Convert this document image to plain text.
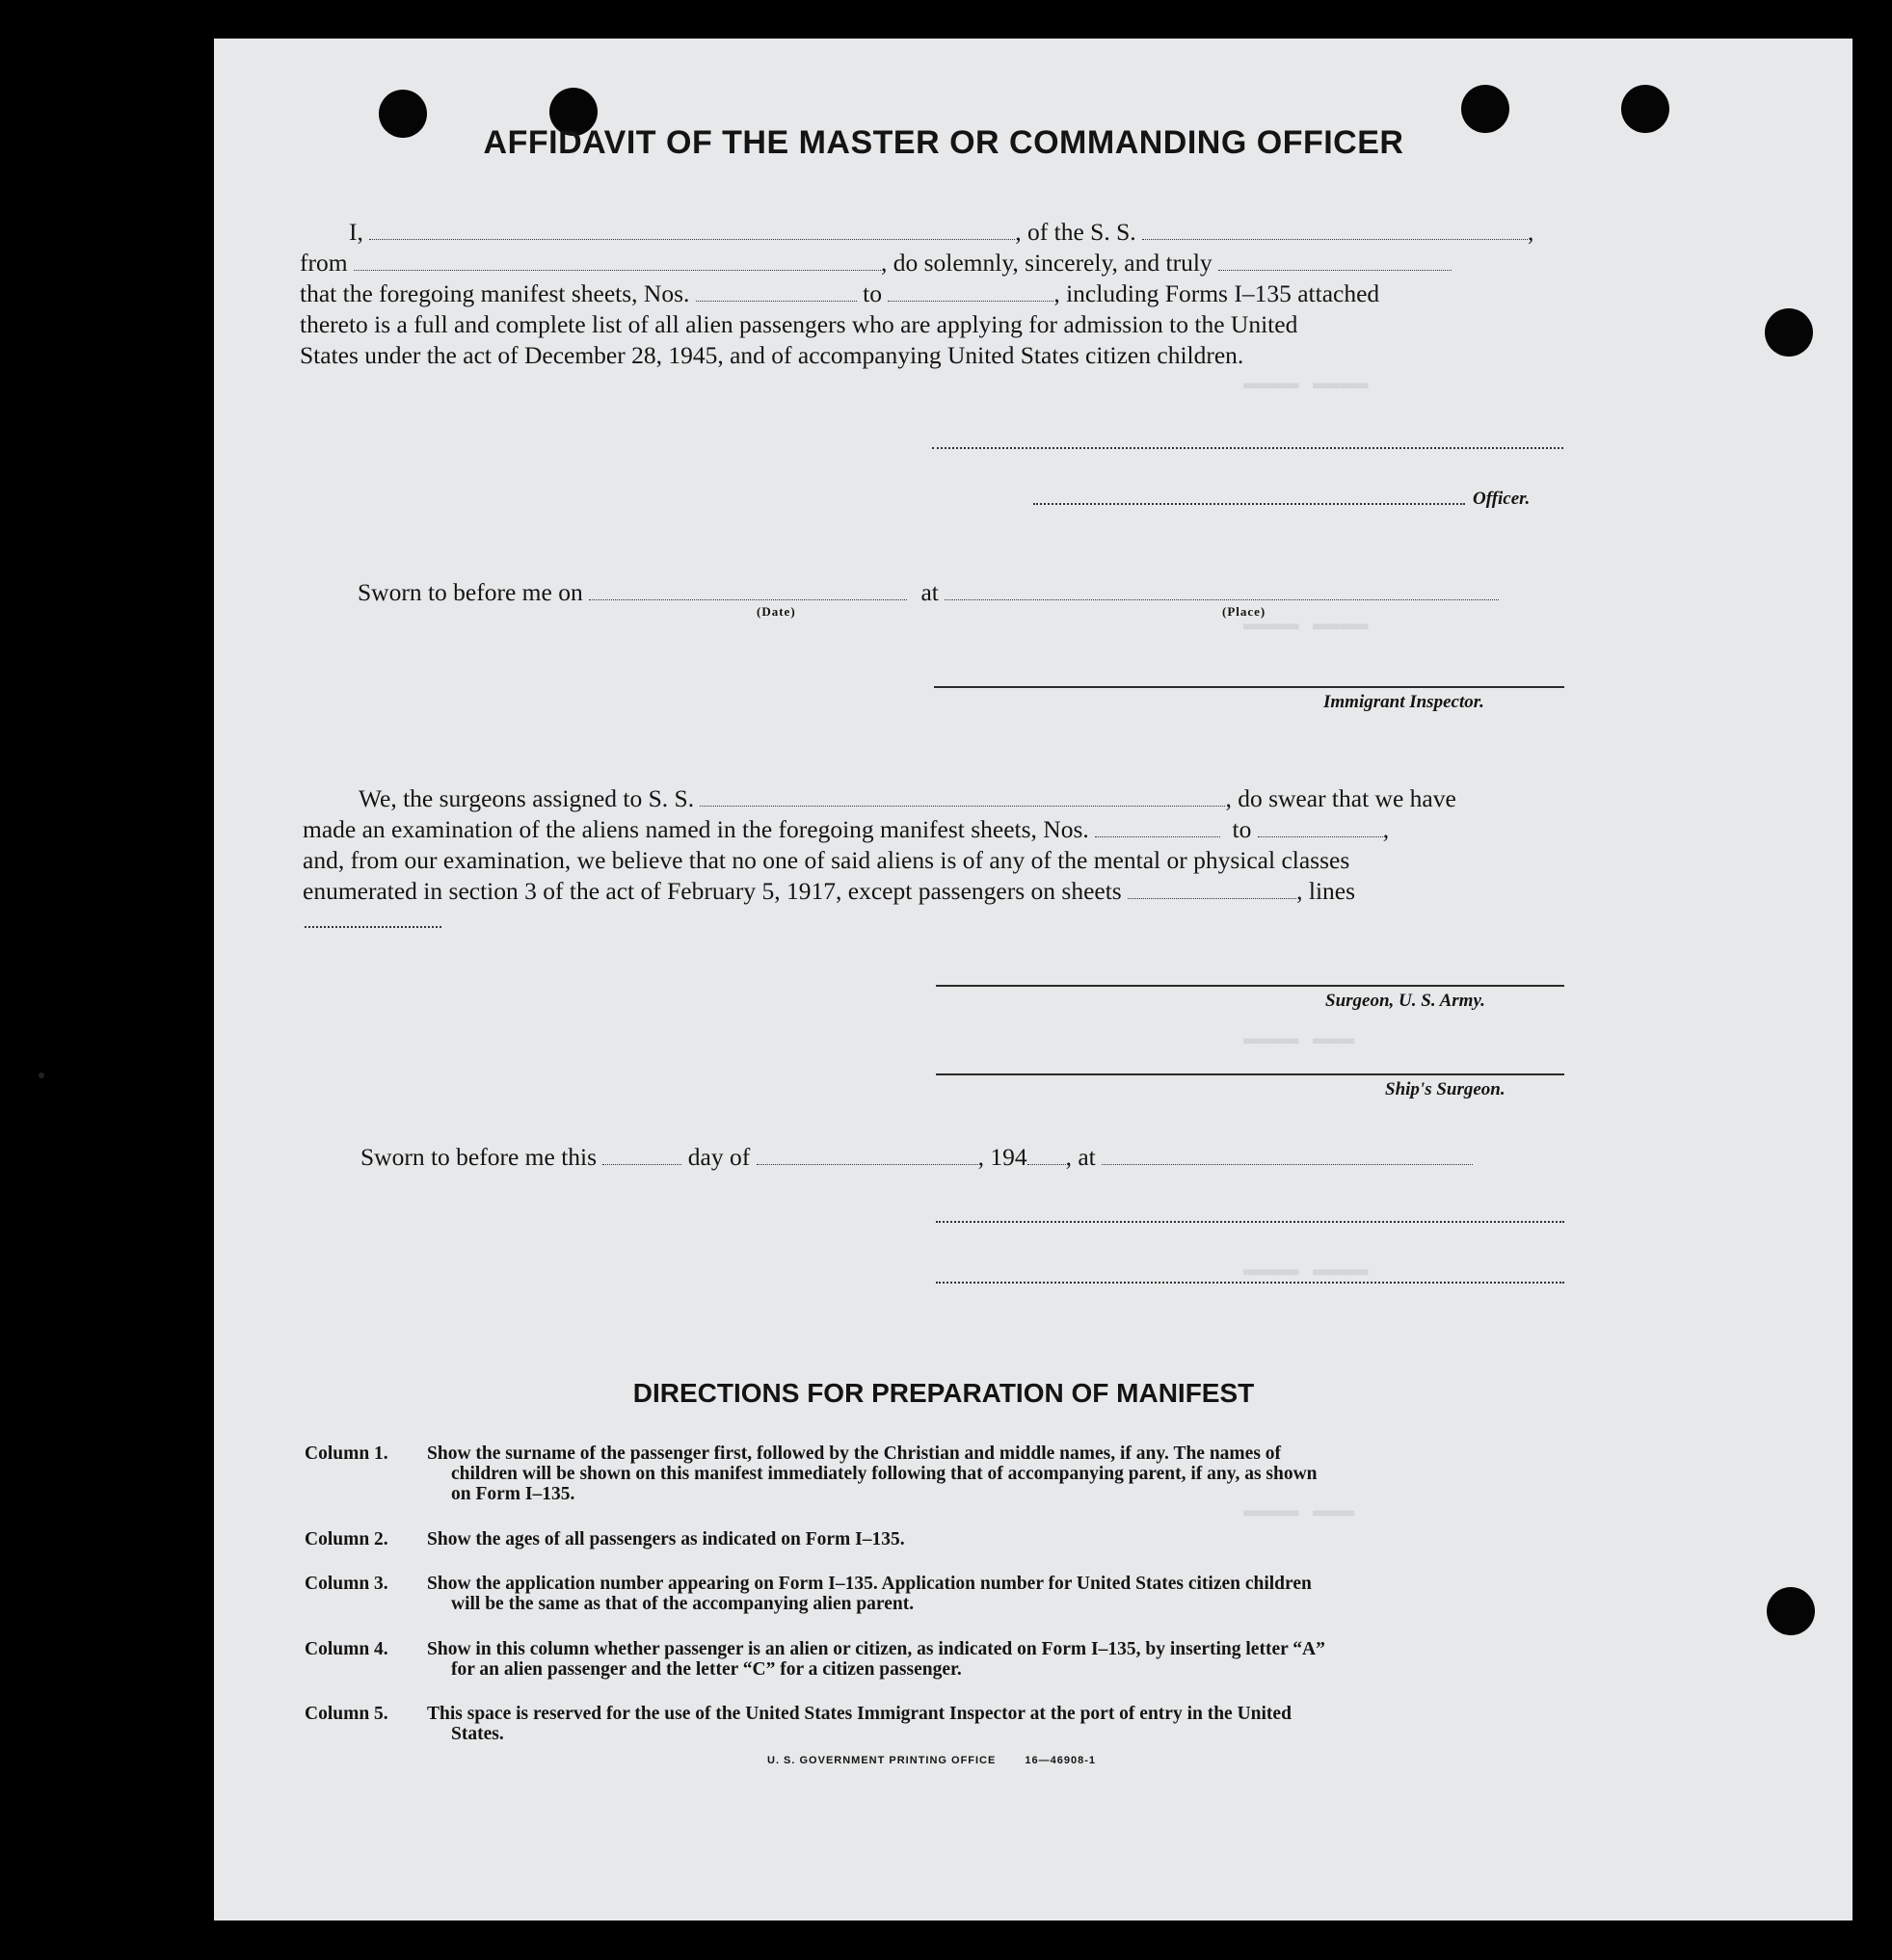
▬▬▬▬ ▬▬▬▬
▬▬▬▬ ▬▬▬▬
▬▬▬▬ ▬▬▬
▬▬▬▬ ▬▬▬▬
▬▬▬▬ ▬▬▬
AFFIDAVIT OF THE MASTER OR COMMANDING OFFICER
I,	, of the S. S.	,
from	, do solemnly, sincerely, and truly
that the foregoing manifest sheets, Nos.	to	, including Forms I–135 attached
thereto is a full and complete list of all alien passengers who are applying for admission to the United
States under the act of December 28, 1945, and of accompanying United States citizen children.
Officer.
Sworn to before me on	at
(Date)	(Place)
Immigrant Inspector.
We, the surgeons assigned to S. S.	, do swear that we have
made an examination of the aliens named in the foregoing manifest sheets, Nos.	to	,
and, from our examination, we believe that no one of said aliens is of any of the mental or physical classes
enumerated in section 3 of the act of February 5, 1917, except passengers on sheets	, lines
Surgeon, U. S. Army.
Ship's Surgeon.
Sworn to before me this	day of	, 194 , at
DIRECTIONS FOR PREPARATION OF MANIFEST
Column 1.	Show the surname of the passenger first, followed by the Christian and middle names, if any. The names of
children will be shown on this manifest immediately following that of accompanying parent, if any, as shown
on Form I–135.
Column 2.	Show the ages of all passengers as indicated on Form I–135.
Column 3.	Show the application number appearing on Form I–135. Application number for United States citizen children
will be the same as that of the accompanying alien parent.
Column 4.	Show in this column whether passenger is an alien or citizen, as indicated on Form I–135, by inserting letter “A”
for an alien passenger and the letter “C” for a citizen passenger.
Column 5.	This space is reserved for the use of the United States Immigrant Inspector at the port of entry in the United
States.
U. S. GOVERNMENT PRINTING OFFICE	16—46908-1
